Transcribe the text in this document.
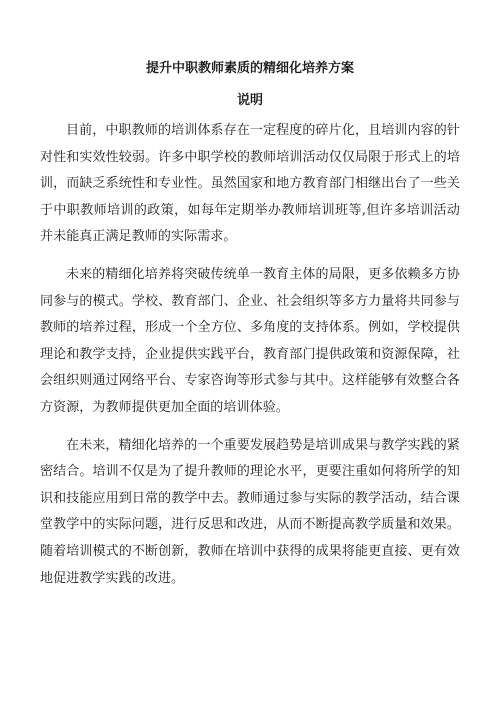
提升中职教师素质的精细化培养方案
说明

目前，中职教师的培训体系存在一定程度的碎片化，且培训内容的针对性和实效性较弱。许多中职学校的教师培训活动仅仅局限于形式上的培训，而缺乏系统性和专业性。虽然国家和地方教育部门相继出台了一些关于中职教师培训的政策，如每年定期举办教师培训班等,但许多培训活动并未能真正满足教师的实际需求。

未来的精细化培养将突破传统单一教育主体的局限，更多依赖多方协同参与的模式。学校、教育部门、企业、社会组织等多方力量将共同参与教师的培养过程，形成一个全方位、多角度的支持体系。例如，学校提供理论和教学支持，企业提供实践平台，教育部门提供政策和资源保障，社会组织则通过网络平台、专家咨询等形式参与其中。这样能够有效整合各方资源，为教师提供更加全面的培训体验。

在未来，精细化培养的一个重要发展趋势是培训成果与教学实践的紧密结合。培训不仅是为了提升教师的理论水平，更要注重如何将所学的知识和技能应用到日常的教学中去。教师通过参与实际的教学活动，结合课堂教学中的实际问题，进行反思和改进，从而不断提高教学质量和效果。随着培训模式的不断创新，教师在培训中获得的成果将能更直接、更有效地促进教学实践的改进。
